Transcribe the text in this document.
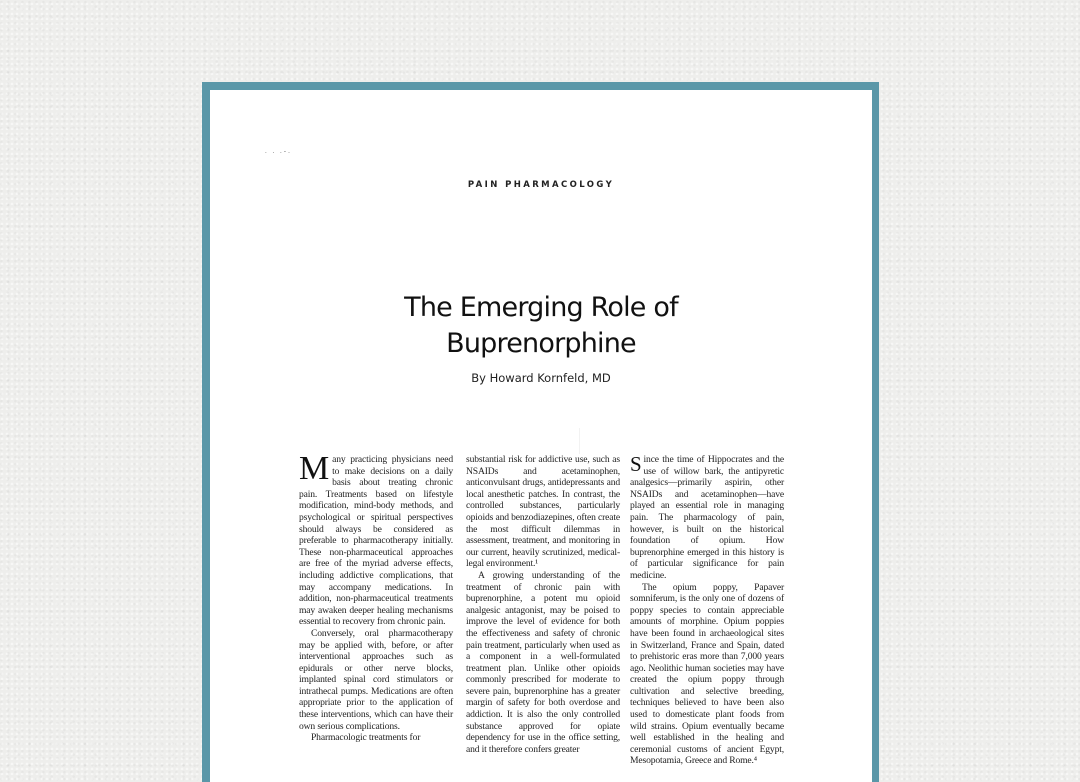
. . .-.
PAIN PHARMACOLOGY
The Emerging Role of
Buprenorphine
By Howard Kornfeld, MD

Many practicing physicians need to make decisions on a daily basis about treating chronic pain. Treatments based on lifestyle modification, mind-body methods, and psychological or spiritual perspectives should always be considered as preferable to pharmacotherapy initially. These non-pharmaceutical approaches are free of the myriad adverse effects, including addictive complications, that may accompany medications. In addition, non-pharmaceutical treatments may awaken deeper healing mechanisms essential to recovery from chronic pain.

Conversely, oral pharmacotherapy may be applied with, before, or after interventional approaches such as epidurals or other nerve blocks, implanted spinal cord stimulators or intrathecal pumps. Medications are often appropriate prior to the application of these interventions, which can have their own serious complications.

Pharmacologic treatments for

substantial risk for addictive use, such as NSAIDs and acetaminophen, anticonvulsant drugs, antidepressants and local anesthetic patches. In contrast, the controlled substances, particularly opioids and benzodiazepines, often create the most difficult dilemmas in assessment, treatment, and monitoring in our current, heavily scrutinized, medical-legal environment.¹

A growing understanding of the treatment of chronic pain with buprenorphine, a potent mu opioid analgesic antagonist, may be poised to improve the level of evidence for both the effectiveness and safety of chronic pain treatment, particularly when used as a component in a well-formulated treatment plan. Unlike other opioids commonly prescribed for moderate to severe pain, buprenorphine has a greater margin of safety for both overdose and addiction. It is also the only controlled substance approved for opiate dependency for use in the office setting, and it therefore confers greater

Since the time of Hippocrates and the use of willow bark, the antipyretic analgesics—primarily aspirin, other NSAIDs and acetaminophen—have played an essential role in managing pain. The pharmacology of pain, however, is built on the historical foundation of opium. How buprenorphine emerged in this history is of particular significance for pain medicine.

The opium poppy, Papaver somniferum, is the only one of dozens of poppy species to contain appreciable amounts of morphine. Opium poppies have been found in archaeological sites in Switzerland, France and Spain, dated to prehistoric eras more than 7,000 years ago. Neolithic human societies may have created the opium poppy through cultivation and selective breeding, techniques believed to have been also used to domesticate plant foods from wild strains. Opium eventually became well established in the healing and ceremonial customs of ancient Egypt, Mesopotamia, Greece and Rome.⁴
